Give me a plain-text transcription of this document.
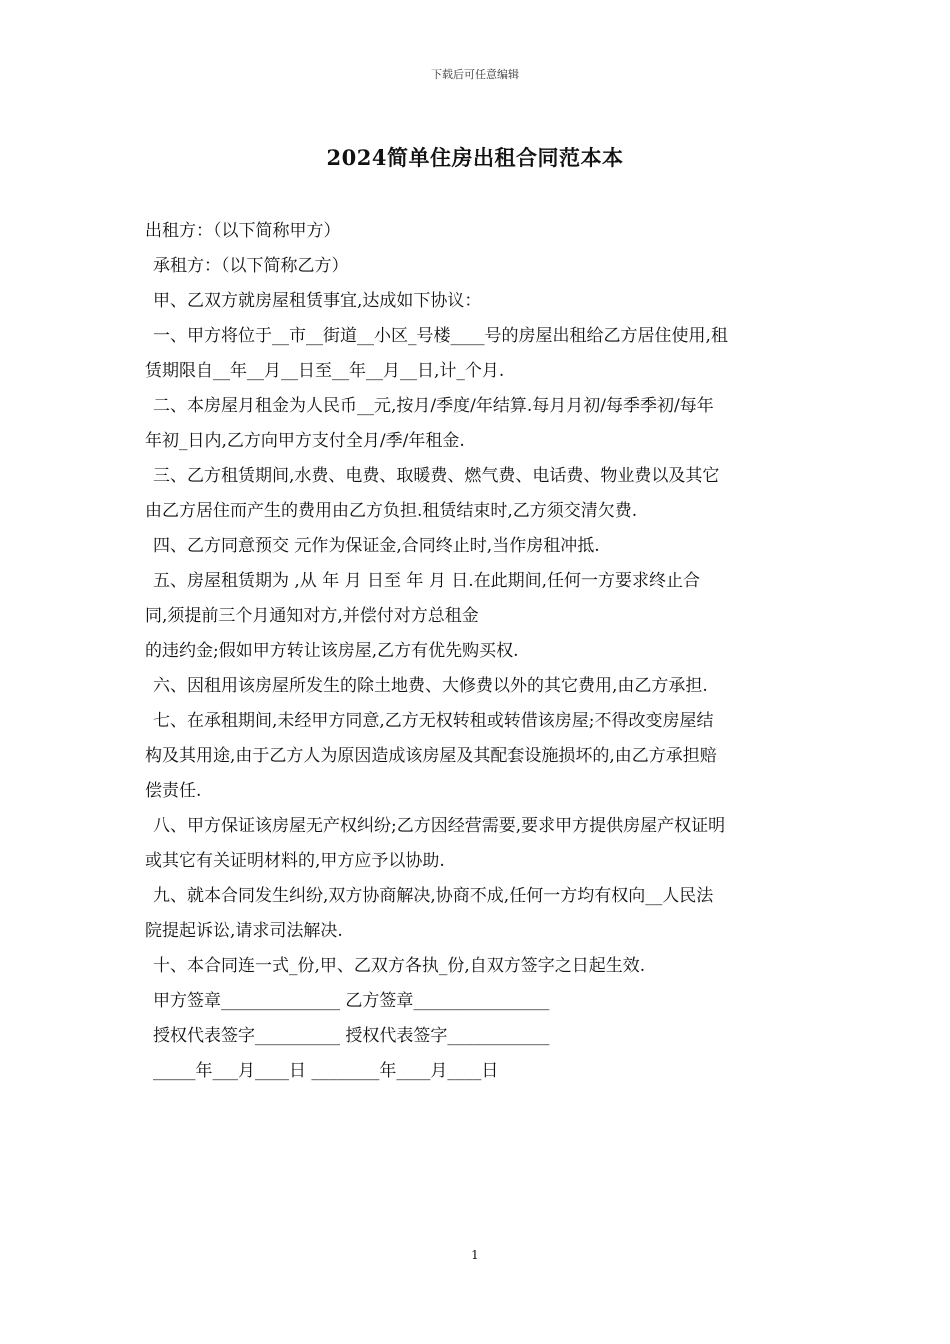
下载后可任意编辑
2024简单住房出租合同范本本
出租方：（以下简称甲方）
承租方：（以下简称乙方）
甲、乙双方就房屋租赁事宜,达成如下协议：
一、甲方将位于__市__街道__小区_号楼____号的房屋出租给乙方居住使用,租
赁期限自__年__月__日至__年__月__日,计_个月.
二、本房屋月租金为人民币__元,按月/季度/年结算.每月月初/每季季初/每年
年初_日内,乙方向甲方支付全月/季/年租金.
三、乙方租赁期间,水费、电费、取暖费、燃气费、电话费、物业费以及其它
由乙方居住而产生的费用由乙方负担.租赁结束时,乙方须交清欠费.
四、乙方同意预交 元作为保证金,合同终止时,当作房租冲抵.
五、房屋租赁期为 ,从 年 月 日至 年 月 日.在此期间,任何一方要求终止合
同,须提前三个月通知对方,并偿付对方总租金
的违约金;假如甲方转让该房屋,乙方有优先购买权.
六、因租用该房屋所发生的除土地费、大修费以外的其它费用,由乙方承担.
七、在承租期间,未经甲方同意,乙方无权转租或转借该房屋;不得改变房屋结
构及其用途,由于乙方人为原因造成该房屋及其配套设施损坏的,由乙方承担赔
偿责任.
八、甲方保证该房屋无产权纠纷;乙方因经营需要,要求甲方提供房屋产权证明
或其它有关证明材料的,甲方应予以协助.
九、就本合同发生纠纷,双方协商解决,协商不成,任何一方均有权向__人民法
院提起诉讼,请求司法解决.
十、本合同连一式_份,甲、乙双方各执_份,自双方签字之日起生效.
甲方签章______________ 乙方签章________________
授权代表签字__________ 授权代表签字____________
_____年___月____日 ________年____月____日
1
